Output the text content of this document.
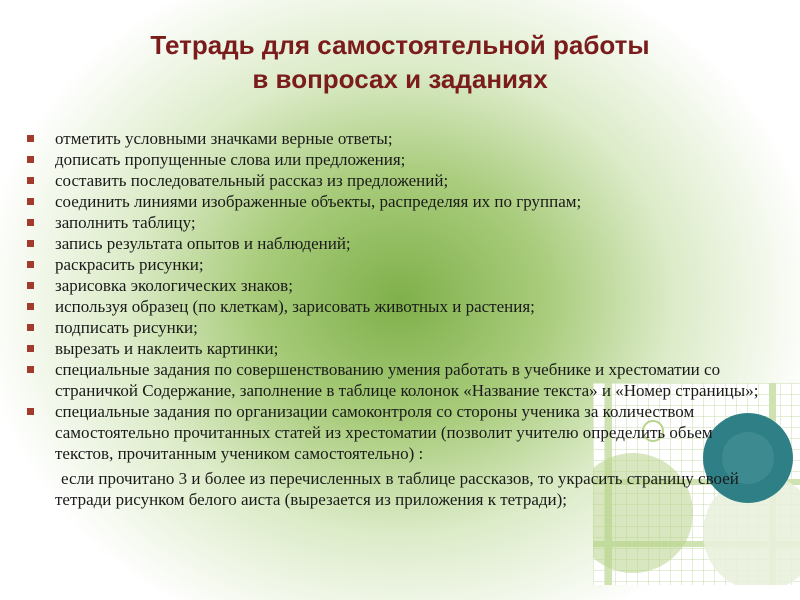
Тетрадь для самостоятельной работы
в вопросах и заданиях
отметить условными значками верные ответы;
дописать пропущенные слова или предложения;
составить последовательный рассказ из предложений;
соединить линиями изображенные объекты, распределяя их по группам;
заполнить таблицу;
запись результата опытов и наблюдений;
раскрасить рисунки;
зарисовка экологических знаков;
используя образец (по клеткам), зарисовать животных и растения;
подписать рисунки;
вырезать и наклеить картинки;
специальные задания по совершенствованию умения работать в учебнике и хрестоматии со страничкой Содержание, заполнение в таблице колонок «Название текста» и «Номер страницы»;
специальные задания по организации самоконтроля со стороны ученика за количеством самостоятельно прочитанных статей из хрестоматии (позволит учителю определить обьем текстов, прочитанным учеником самостоятельно) :
если прочитано 3 и более из перечисленных в таблице рассказов, то украсить страницу своей тетради рисунком белого аиста (вырезается из приложения к тетради);
